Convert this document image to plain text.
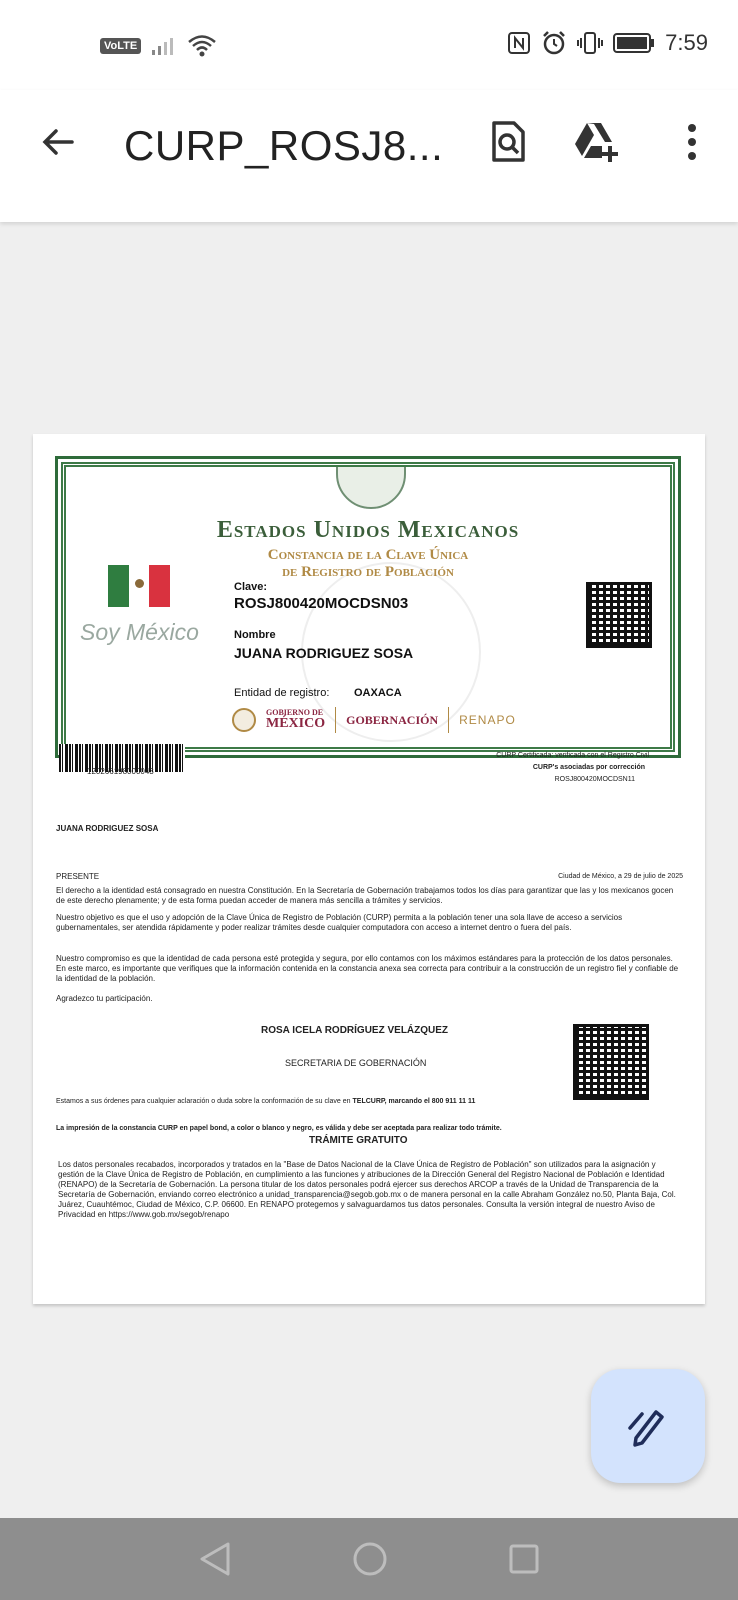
VoLTE	7:59
CURP_ROSJ8...
Estados Unidos Mexicanos
Constancia de la Clave Única
de Registro de Población
Soy México
Clave:
ROSJ800420MOCDSN03
Nombre
JUANA RODRIGUEZ SOSA
Entidad de registro: OAXACA
GOBIERNO DE
MÉXICO GOBERNACIÓN RENAPO
120266198000043
CURP Certificada: verificada con el Registro Civil
CURP's asociadas por corrección
ROSJ800420MOCDSN11
JUANA RODRIGUEZ SOSA
PRESENTE	Ciudad de México, a 29 de julio de 2025
El derecho a la identidad está consagrado en nuestra Constitución. En la Secretaría de Gobernación trabajamos todos los días para garantizar que las y los mexicanos gocen de este derecho plenamente; y de esta forma puedan acceder de manera más sencilla a trámites y servicios.
Nuestro objetivo es que el uso y adopción de la Clave Única de Registro de Población (CURP) permita a la población tener una sola llave de acceso a servicios gubernamentales, ser atendida rápidamente y poder realizar trámites desde cualquier computadora con acceso a internet dentro o fuera del país.
Nuestro compromiso es que la identidad de cada persona esté protegida y segura, por ello contamos con los máximos estándares para la protección de los datos personales. En este marco, es importante que verifiques que la información contenida en la constancia anexa sea correcta para contribuir a la construcción de un registro fiel y confiable de la identidad de la población.
Agradezco tu participación.
ROSA ICELA RODRÍGUEZ VELÁZQUEZ
SECRETARIA DE GOBERNACIÓN
Estamos a sus órdenes para cualquier aclaración o duda sobre la conformación de su clave en TELCURP, marcando el 800 911 11 11
La impresión de la constancia CURP en papel bond, a color o blanco y negro, es válida y debe ser aceptada para realizar todo trámite.
TRÁMITE GRATUITO
Los datos personales recabados, incorporados y tratados en la "Base de Datos Nacional de la Clave Única de Registro de Población" son utilizados para la asignación y gestión de la Clave Única de Registro de Población, en cumplimiento a las funciones y atribuciones de la Dirección General del Registro Nacional de Población e Identidad (RENAPO) de la Secretaría de Gobernación. La persona titular de los datos personales podrá ejercer sus derechos ARCOP a través de la Unidad de Transparencia de la Secretaría de Gobernación, enviando correo electrónico a unidad_transparencia@segob.gob.mx o de manera personal en la calle Abraham González no.50, Planta Baja, Col. Juárez, Cuauhtémoc, Ciudad de México, C.P. 06600. En RENAPO protegemos y salvaguardamos tus datos personales. Consulta la versión integral de nuestro Aviso de Privacidad en https://www.gob.mx/segob/renapo
